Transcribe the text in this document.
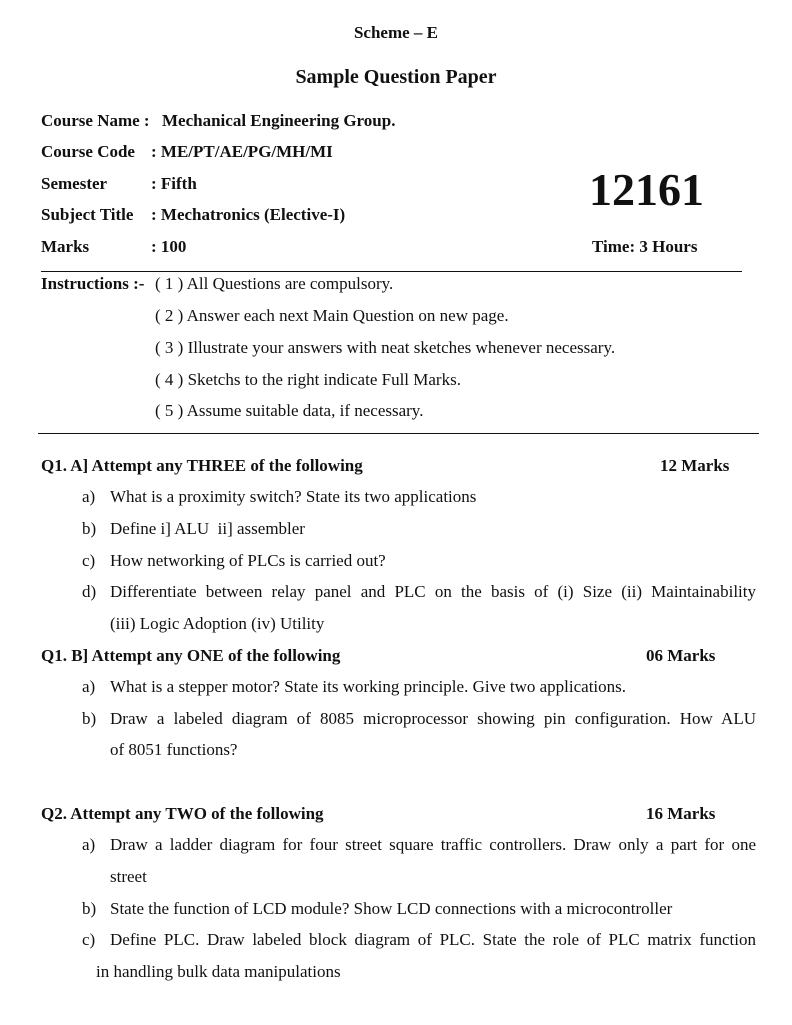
Scheme – E
Sample Question Paper
Course Name : Mechanical Engineering Group.
Course Code : ME/PT/AE/PG/MH/MI
Semester	: Fifth
Subject Title : Mechatronics (Elective-I)
Marks	: 100
12161
Time: 3 Hours
Instructions :- ( 1 ) All Questions are compulsory.
( 2 ) Answer each next Main Question on new page.
( 3 ) Illustrate your answers with neat sketches whenever necessary.
( 4 ) Sketchs to the right indicate Full Marks.
( 5 ) Assume suitable data, if necessary.
Q1. A] Attempt any THREE of the following	12 Marks
a) What is a proximity switch? State its two applications
b) Define i] ALU  ii] assembler
c) How networking of PLCs is carried out?
d) Differentiate between relay panel and PLC on the basis of (i) Size (ii) Maintainability
(iii) Logic Adoption (iv) Utility
Q1. B] Attempt any ONE of the following	06 Marks
a) What is a stepper motor? State its working principle. Give two applications.
b) Draw a labeled diagram of 8085 microprocessor showing pin configuration. How ALU
of 8051 functions?
Q2. Attempt any TWO of the following	16 Marks
a) Draw a ladder diagram for four street square traffic controllers. Draw only a part for one
street
b) State the function of LCD module? Show LCD connections with a microcontroller
c) Define PLC. Draw labeled block diagram of PLC. State the role of PLC matrix function
in handling bulk data manipulations
